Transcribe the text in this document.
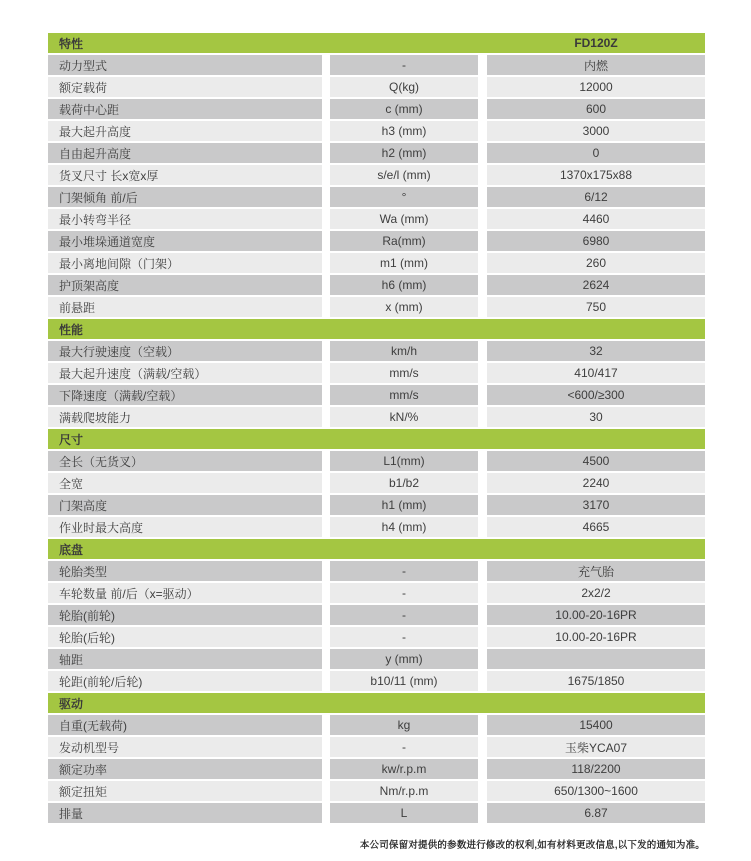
特性	FD120Z
动力型式	-	内燃
额定载荷	Q(kg)	12000
载荷中心距	c (mm)	600
最大起升高度	h3 (mm)	3000
自由起升高度	h2 (mm)	0
货叉尺寸 长x宽x厚	s/e/l (mm)	1370x175x88
门架倾角 前/后	°	6/12
最小转弯半径	Wa (mm)	4460
最小堆垛通道宽度	Ra(mm)	6980
最小离地间隙（门架）	m1 (mm)	260
护顶架高度	h6 (mm)	2624
前悬距	x (mm)	750
性能
最大行驶速度（空载）	km/h	32
最大起升速度（满载/空载）	mm/s	410/417
下降速度（满载/空载）	mm/s	<600/≥300
满载爬坡能力	kN/%	30
尺寸
全长（无货叉）	L1(mm)	4500
全宽	b1/b2	2240
门架高度	h1 (mm)	3170
作业时最大高度	h4 (mm)	4665
底盘
轮胎类型	-	充气胎
车轮数量 前/后（x=驱动）	-	2x2/2
轮胎(前轮)	-	10.00-20-16PR
轮胎(后轮)	-	10.00-20-16PR
轴距	y (mm)
轮距(前轮/后轮)	b10/11 (mm)	1675/1850
驱动
自重(无载荷)	kg	15400
发动机型号	-	玉柴YCA07
额定功率	kw/r.p.m	118/2200
额定扭矩	Nm/r.p.m	650/1300~1600
排量	L	6.87
本公司保留对提供的参数进行修改的权利,如有材料更改信息,以下发的通知为准。
